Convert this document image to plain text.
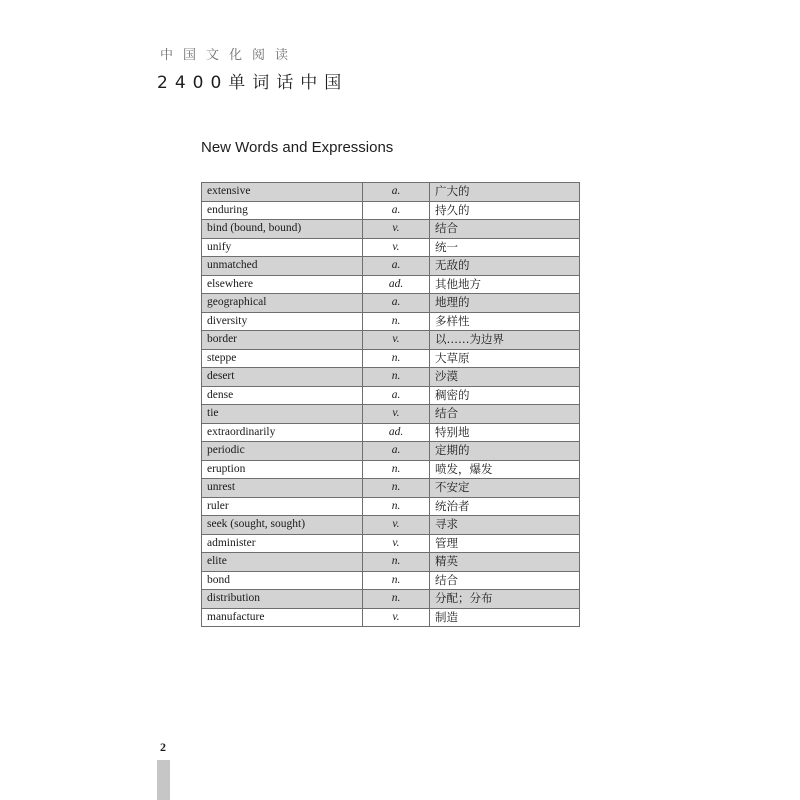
中国文化阅读
2400单词话中国
New Words and Expressions
extensive	a.	广大的
enduring	a.	持久的
bind (bound, bound)	v.	结合
unify	v.	统一
unmatched	a.	无敌的
elsewhere	ad.	其他地方
geographical	a.	地理的
diversity	n.	多样性
border	v.	以……为边界
steppe	n.	大草原
desert	n.	沙漠
dense	a.	稠密的
tie	v.	结合
extraordinarily	ad.	特别地
periodic	a.	定期的
eruption	n.	喷发，爆发
unrest	n.	不安定
ruler	n.	统治者
seek (sought, sought)	v.	寻求
administer	v.	管理
elite	n.	精英
bond	n.	结合
distribution	n.	分配；分布
manufacture	v.	制造
2
